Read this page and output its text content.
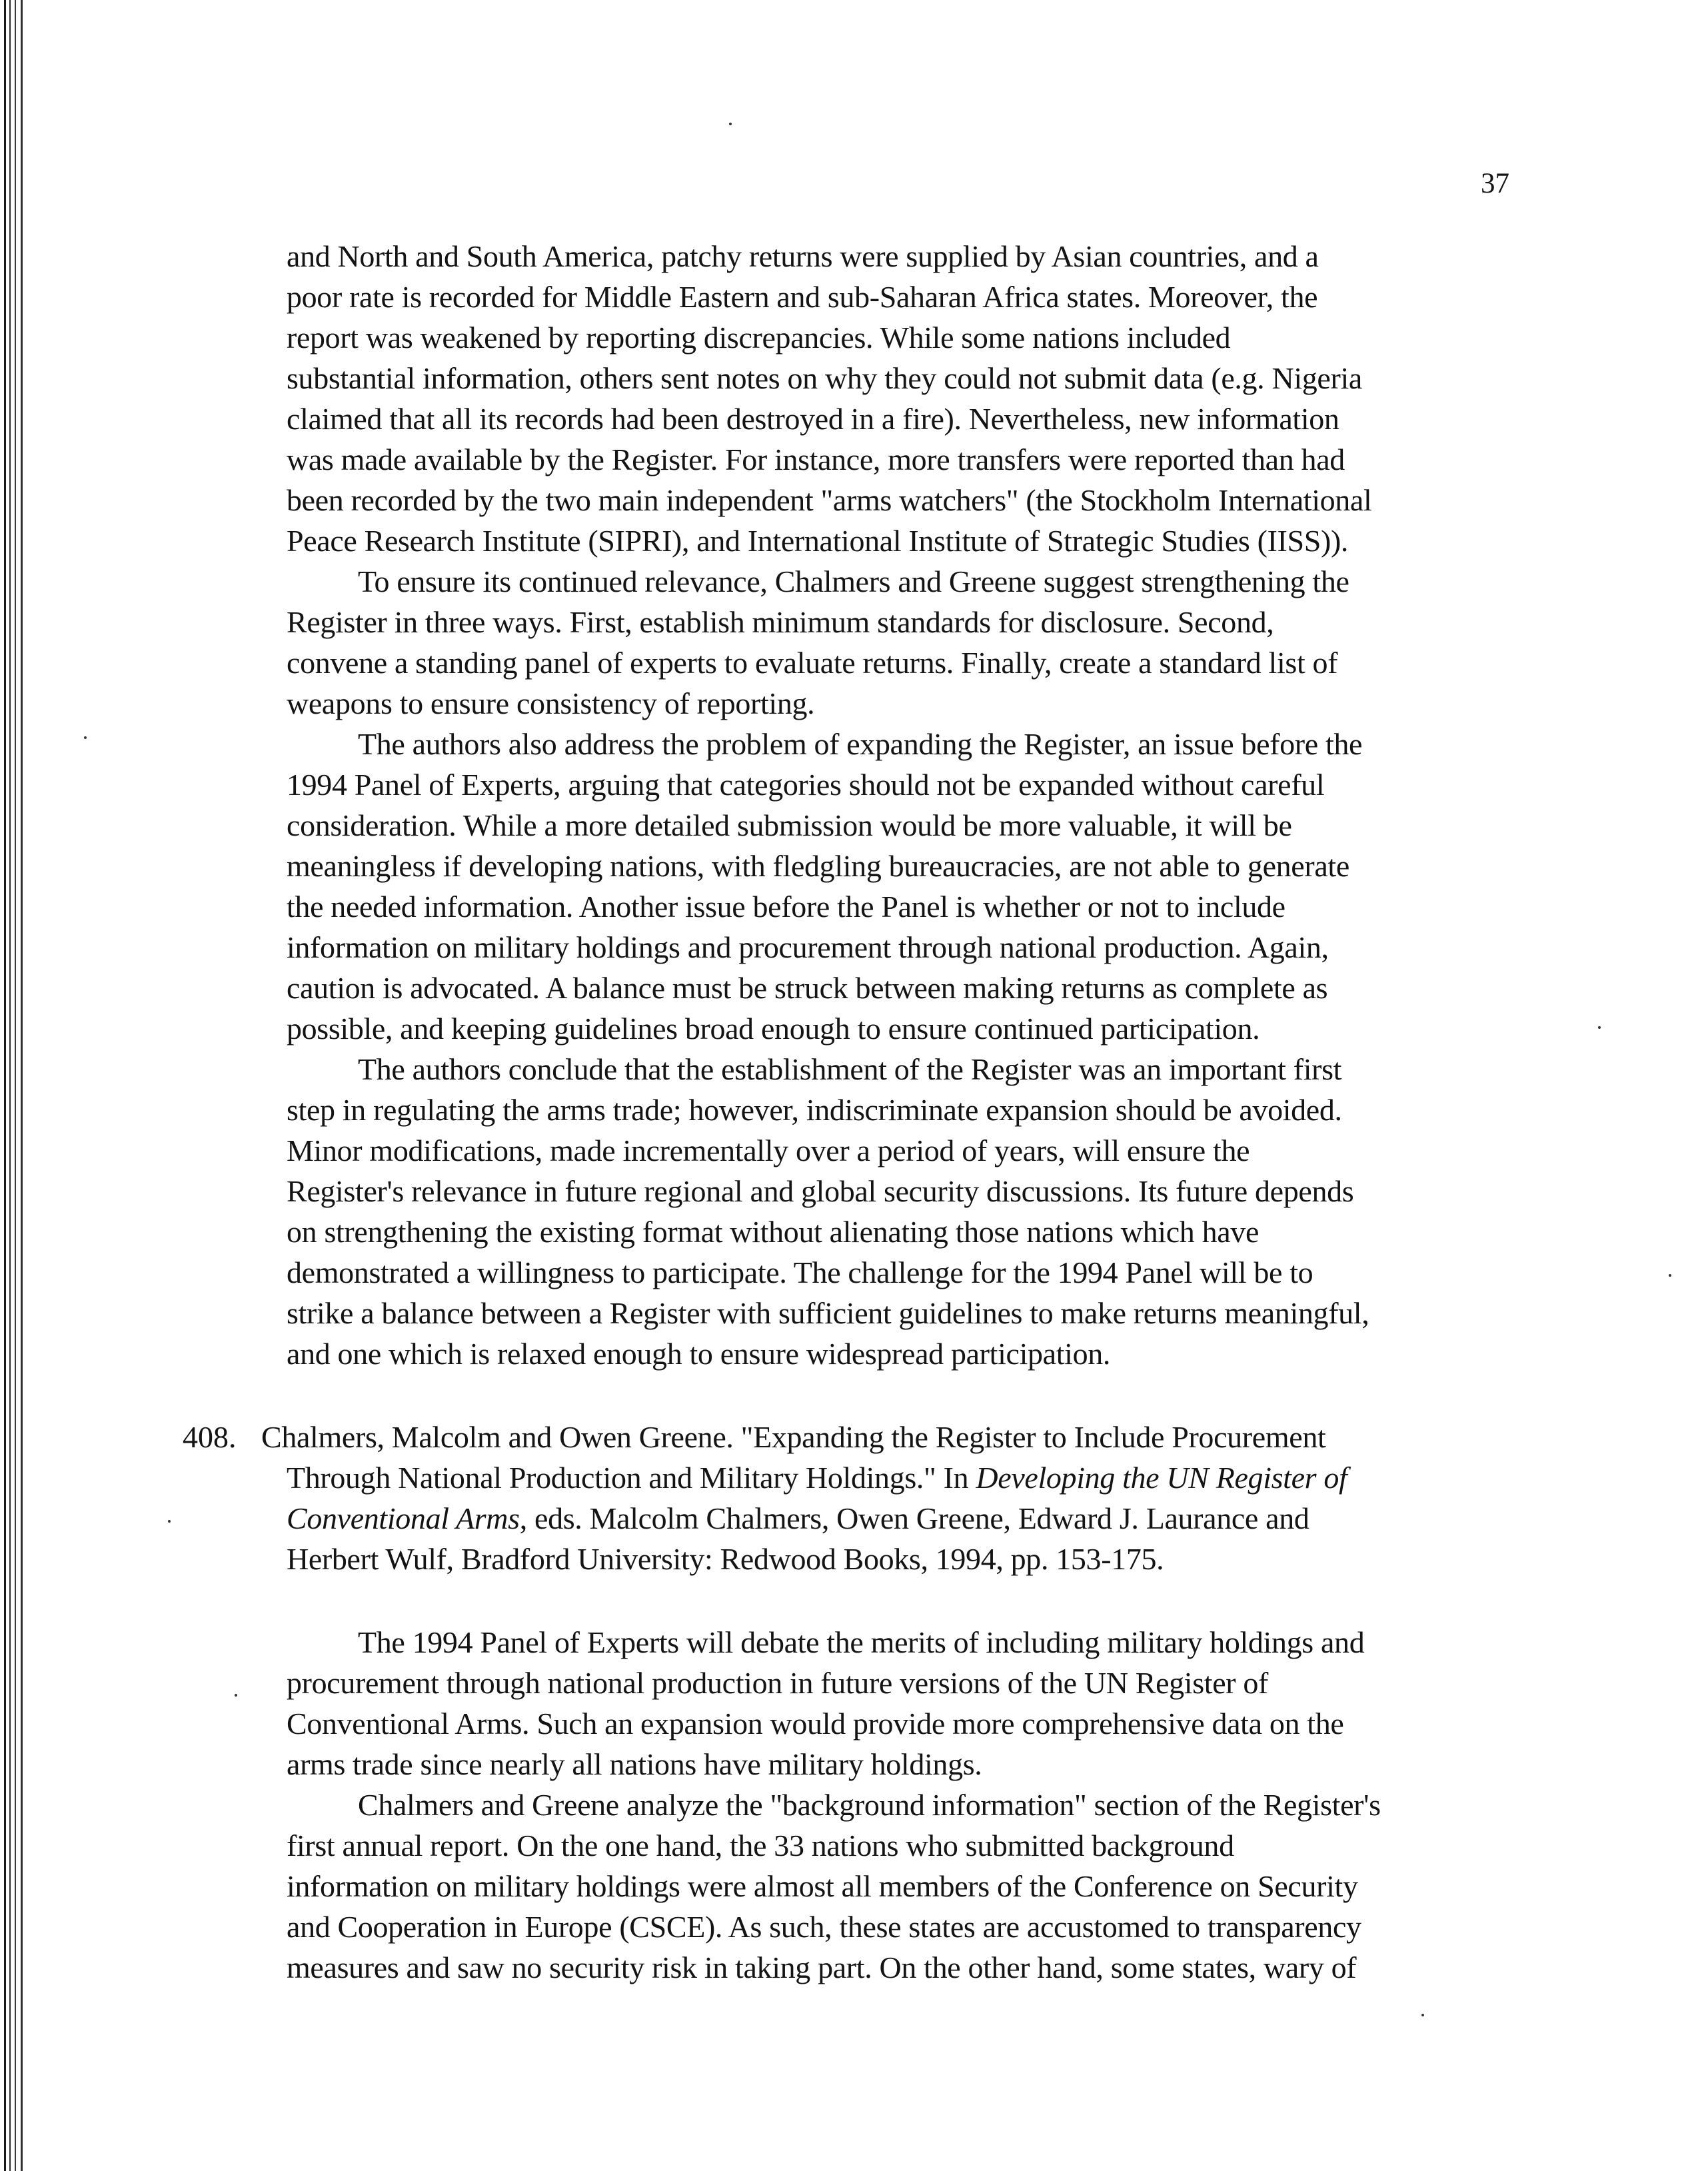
37
and North and South America, patchy returns were supplied by Asian countries, and a
poor rate is recorded for Middle Eastern and sub-Saharan Africa states. Moreover, the
report was weakened by reporting discrepancies. While some nations included
substantial information, others sent notes on why they could not submit data (e.g. Nigeria
claimed that all its records had been destroyed in a fire). Nevertheless, new information
was made available by the Register. For instance, more transfers were reported than had
been recorded by the two main independent "arms watchers" (the Stockholm International
Peace Research Institute (SIPRI), and International Institute of Strategic Studies (IISS)).
To ensure its continued relevance, Chalmers and Greene suggest strengthening the
Register in three ways. First, establish minimum standards for disclosure. Second,
convene a standing panel of experts to evaluate returns. Finally, create a standard list of
weapons to ensure consistency of reporting.
The authors also address the problem of expanding the Register, an issue before the
1994 Panel of Experts, arguing that categories should not be expanded without careful
consideration. While a more detailed submission would be more valuable, it will be
meaningless if developing nations, with fledgling bureaucracies, are not able to generate
the needed information. Another issue before the Panel is whether or not to include
information on military holdings and procurement through national production. Again,
caution is advocated. A balance must be struck between making returns as complete as
possible, and keeping guidelines broad enough to ensure continued participation.
The authors conclude that the establishment of the Register was an important first
step in regulating the arms trade; however, indiscriminate expansion should be avoided.
Minor modifications, made incrementally over a period of years, will ensure the
Register's relevance in future regional and global security discussions. Its future depends
on strengthening the existing format without alienating those nations which have
demonstrated a willingness to participate. The challenge for the 1994 Panel will be to
strike a balance between a Register with sufficient guidelines to make returns meaningful,
and one which is relaxed enough to ensure widespread participation.
408. Chalmers, Malcolm and Owen Greene. "Expanding the Register to Include Procurement
Through National Production and Military Holdings." In Developing the UN Register of
Conventional Arms, eds. Malcolm Chalmers, Owen Greene, Edward J. Laurance and
Herbert Wulf, Bradford University: Redwood Books, 1994, pp. 153-175.
The 1994 Panel of Experts will debate the merits of including military holdings and
procurement through national production in future versions of the UN Register of
Conventional Arms. Such an expansion would provide more comprehensive data on the
arms trade since nearly all nations have military holdings.
Chalmers and Greene analyze the "background information" section of the Register's
first annual report. On the one hand, the 33 nations who submitted background
information on military holdings were almost all members of the Conference on Security
and Cooperation in Europe (CSCE). As such, these states are accustomed to transparency
measures and saw no security risk in taking part. On the other hand, some states, wary of
